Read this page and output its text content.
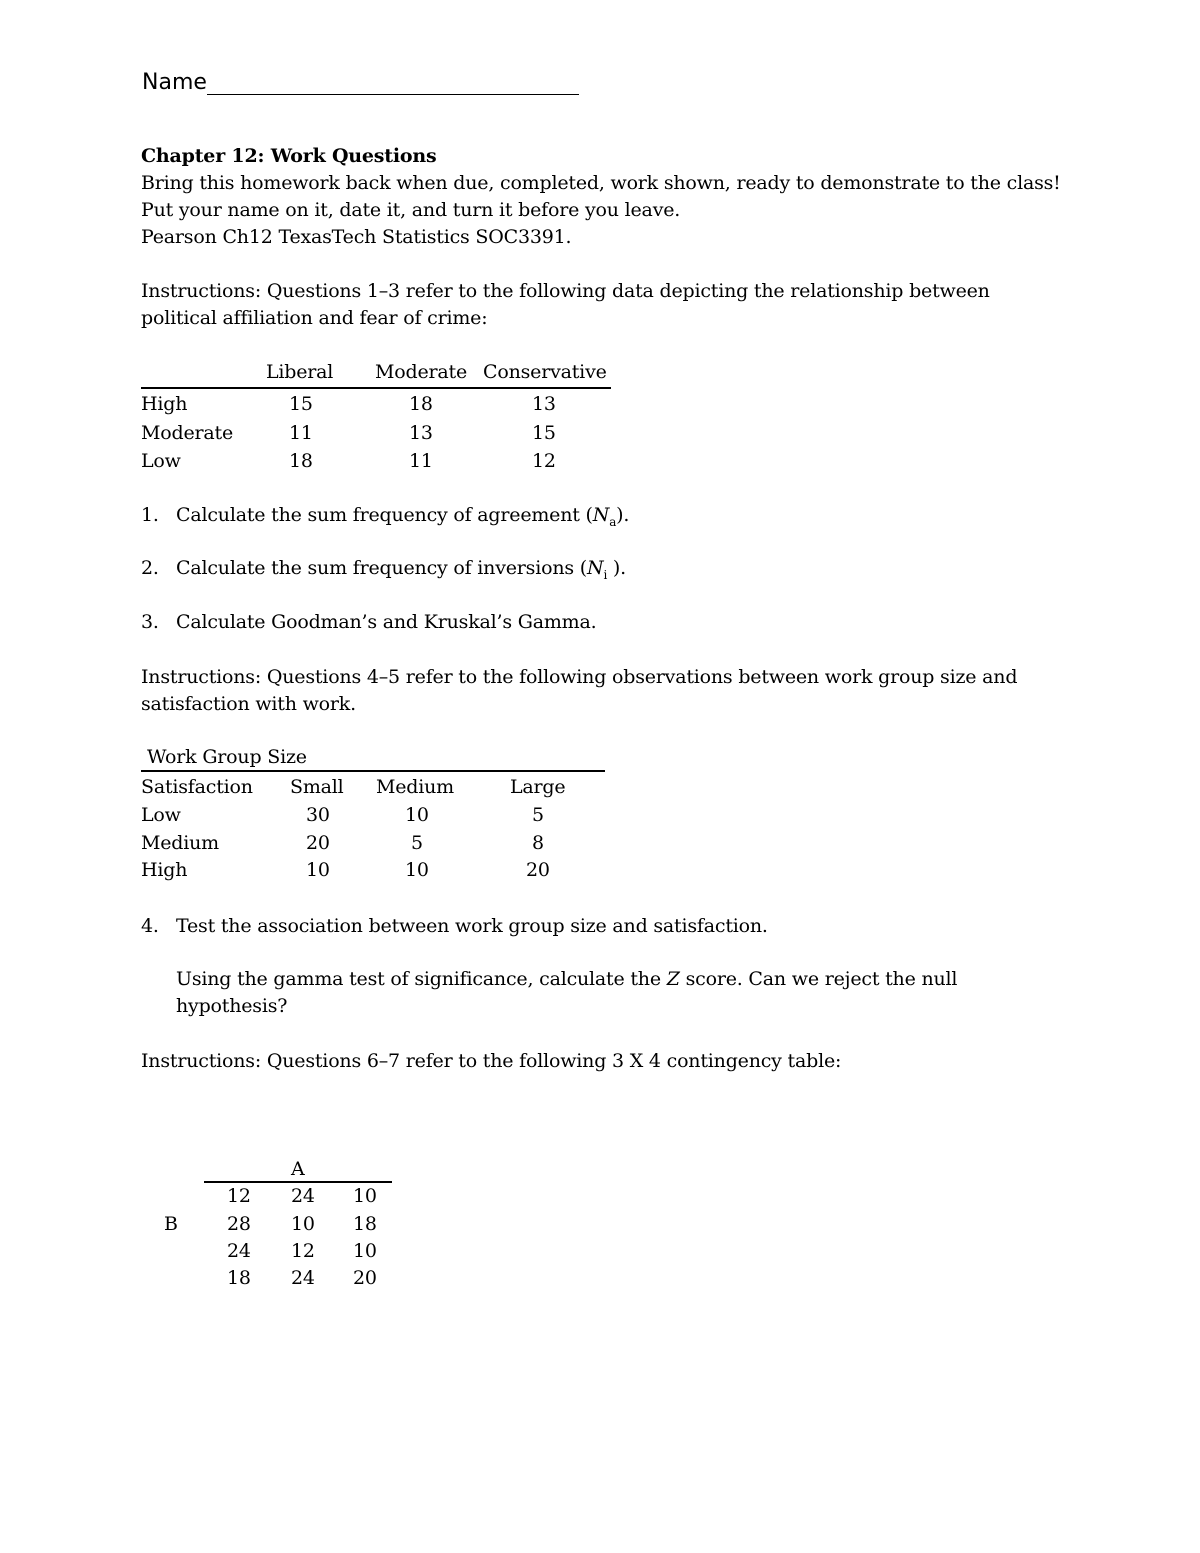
Name
Chapter 12: Work Questions
Bring this homework back when due, completed, work shown, ready to demonstrate to the class!
Put your name on it, date it, and turn it before you leave.
Pearson Ch12 TexasTech Statistics SOC3391.
Instructions: Questions 1–3 refer to the following data depicting the relationship between
political affiliation and fear of crime:
Liberal Moderate Conservative
High	15	18	13
Moderate	11	13	15
Low	18	11	12
1. Calculate the sum frequency of agreement $(N_a)$.
2. Calculate the sum frequency of inversions ($N_i$ ).
3. Calculate Goodman’s and Kruskal’s Gamma.
Instructions: Questions 4–5 refer to the following observations between work group size and
satisfaction with work.
Work Group Size
Satisfaction Small Medium	Large
Low	30	10	5
Medium	20	5	8
High	10	10	20
4. Test the association between work group size and satisfaction.
Using the gamma test of significance, calculate the Z score. Can we reject the null
hypothesis?
Instructions: Questions 6–7 refer to the following 3 X 4 contingency table:
A
B
12 24 10
28 10 18
24 12 10
18 24 20
